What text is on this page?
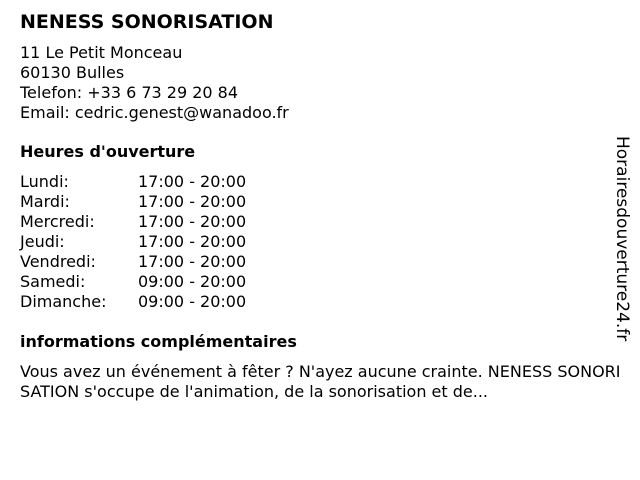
NENESS SONORISATION
11 Le Petit Monceau
60130 Bulles
Telefon: +33 6 73 29 20 84
Email: cedric.genest@wanadoo.fr
Heures d'ouverture
Lundi:	17:00 - 20:00
Mardi:	17:00 - 20:00
Mercredi:	17:00 - 20:00
Jeudi:	17:00 - 20:00
Vendredi:	17:00 - 20:00
Samedi:	09:00 - 20:00
Dimanche: 09:00 - 20:00
informations complémentaires
Vous avez un événement à fêter ? N'ayez aucune crainte. NENESS SONORISATION s'occupe de l'animation, de la sonorisation et de...
Horairesdouverture24.fr
